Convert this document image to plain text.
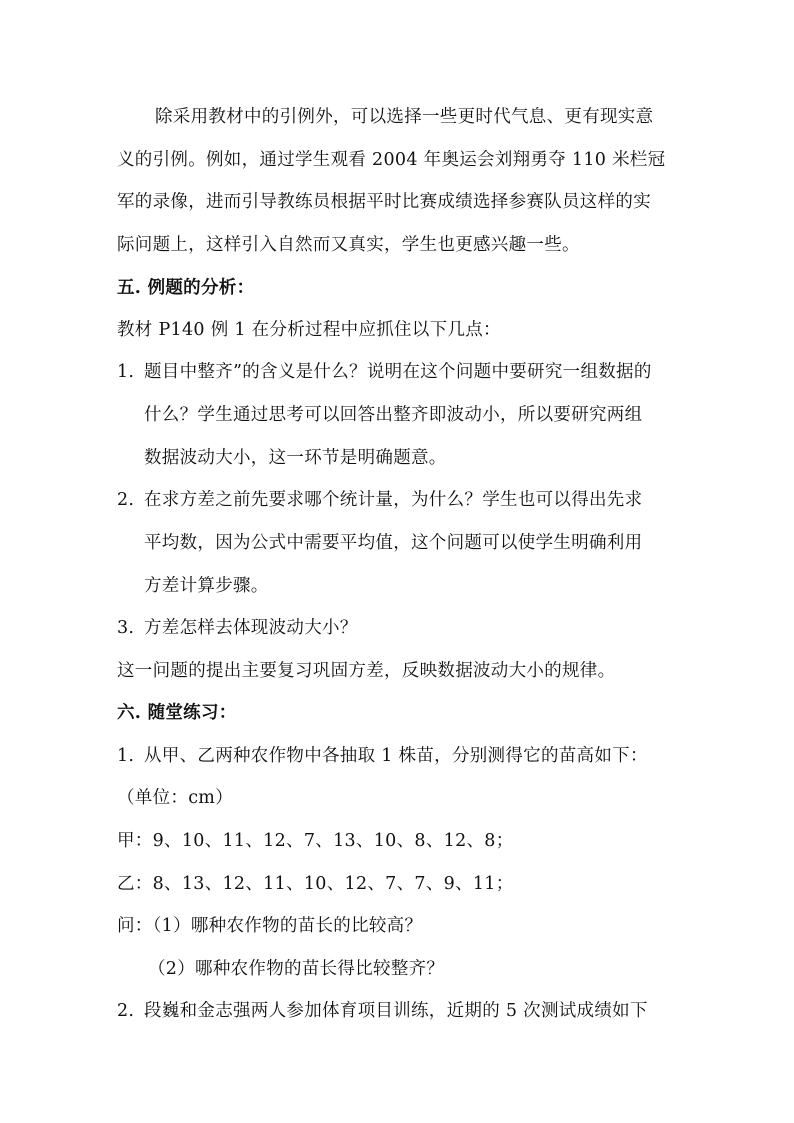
除采用教材中的引例外，可以选择一些更时代气息、更有现实意
义的引例。例如，通过学生观看 2004 年奥运会刘翔勇夺 110 米栏冠
军的录像，进而引导教练员根据平时比赛成绩选择参赛队员这样的实
际问题上，这样引入自然而又真实，学生也更感兴趣一些。
五. 例题的分析：
教材 P140 例 1 在分析过程中应抓住以下几点：
1. 题目中整齐”的含义是什么？说明在这个问题中要研究一组数据的
什么？学生通过思考可以回答出整齐即波动小，所以要研究两组
数据波动大小，这一环节是明确题意。
2. 在求方差之前先要求哪个统计量，为什么？学生也可以得出先求
平均数，因为公式中需要平均值，这个问题可以使学生明确利用
方差计算步骤。
3. 方差怎样去体现波动大小？
这一问题的提出主要复习巩固方差，反映数据波动大小的规律。
六. 随堂练习：
1. 从甲、乙两种农作物中各抽取 1 株苗，分别测得它的苗高如下：
（单位：cm）
甲：9、10、11、12、7、13、10、8、12、8；
乙：8、13、12、11、10、12、7、7、9、11；
问：（1）哪种农作物的苗长的比较高？
（2）哪种农作物的苗长得比较整齐？
2. 段巍和金志强两人参加体育项目训练，近期的 5 次测试成绩如下
